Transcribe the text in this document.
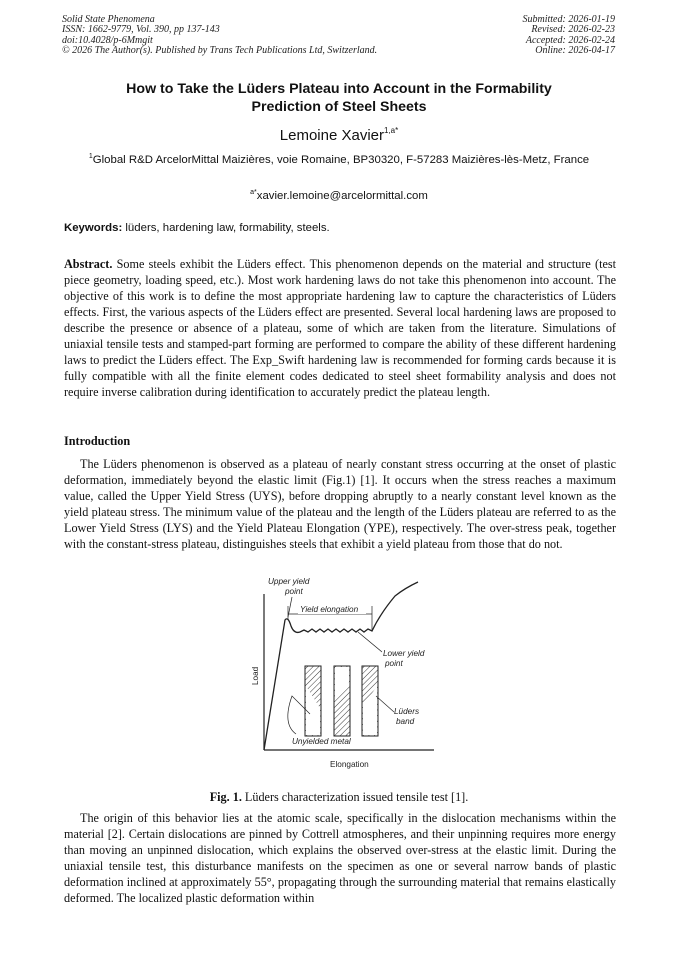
Solid State Phenomena
ISSN: 1662-9779, Vol. 390, pp 137-143
doi:10.4028/p-6Mmgit
© 2026 The Author(s). Published by Trans Tech Publications Ltd, Switzerland.
Submitted: 2026-01-19
Revised: 2026-02-23
Accepted: 2026-02-24
Online: 2026-04-17
How to Take the Lüders Plateau into Account in the Formability
Prediction of Steel Sheets
Lemoine Xavier$^{1,a*}$
$^1$Global R&D ArcelorMittal Maizières, voie Romaine, BP30320, F-57283 Maizières-lès-Metz, France
$^{a*}$xavier.lemoine@arcelormittal.com
Keywords: lüders, hardening law, formability, steels.
Abstract. Some steels exhibit the Lüders effect. This phenomenon depends on the material and structure (test piece geometry, loading speed, etc.). Most work hardening laws do not take this phenomenon into account. The objective of this work is to define the most appropriate hardening law to capture the characteristics of Lüders effects. First, the various aspects of the Lüders effect are presented. Several local hardening laws are proposed to describe the presence or absence of a plateau, some of which are taken from the literature. Simulations of uniaxial tensile tests and stamped-part forming are performed to compare the ability of these different hardening laws to predict the Lüders effect. The Exp_Swift hardening law is recommended for forming cards because it is fully compatible with all the finite element codes dedicated to steel sheet formability analysis and does not require inverse calibration during identification to accurately predict the plateau length.
Introduction
The Lüders phenomenon is observed as a plateau of nearly constant stress occurring at the onset of plastic deformation, immediately beyond the elastic limit (Fig.1) [1]. It occurs when the stress reaches a maximum value, called the Upper Yield Stress (UYS), before dropping abruptly to a nearly constant level known as the yield plateau stress. The minimum value of the plateau and the length of the Lüders plateau are referred to as the Lower Yield Stress (LYS) and the Yield Plateau Elongation (YPE), respectively. The over-stress peak, together with the constant-stress plateau, distinguishes steels that exhibit a yield plateau from those that do not.
Upper yield
point
Yield elongation
Lower yield
point
Lüders
band
Unyielded metal
Elongation
Load
Fig. 1. Lüders characterization issued tensile test [1].
The origin of this behavior lies at the atomic scale, specifically in the dislocation mechanisms within the material [2]. Certain dislocations are pinned by Cottrell atmospheres, and their unpinning requires more energy than moving an unpinned dislocation, which explains the observed over-stress at the elastic limit. During the uniaxial tensile test, this disturbance manifests on the specimen as one or several narrow bands of plastic deformation inclined at approximately 55°, propagating through the surrounding material that remains elastically deformed. The localized plastic deformation within
